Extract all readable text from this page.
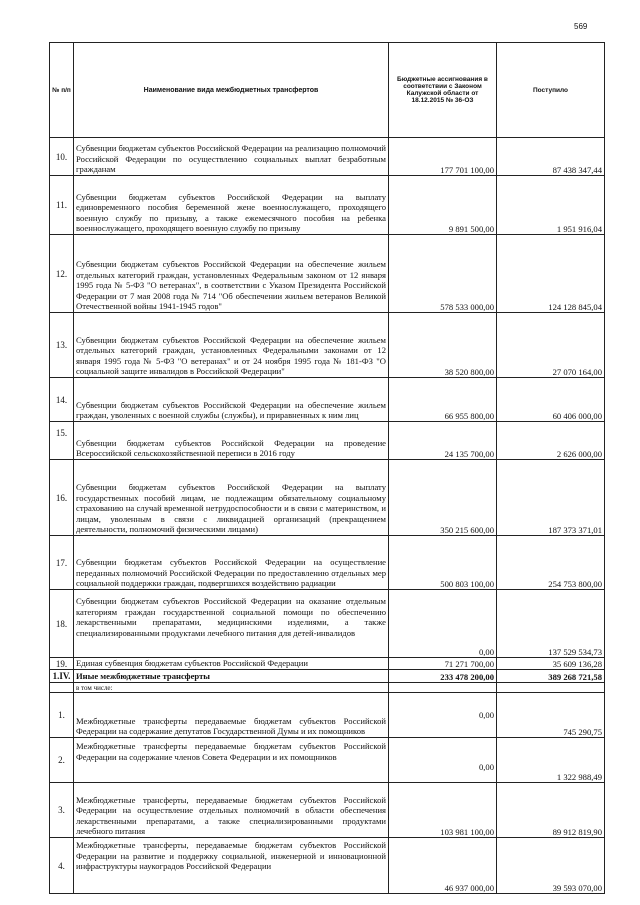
569
№ п/п	Наименование вида межбюджетных трансфертов	Бюджетные ассигнования в соответствии с Законом Калужской области от 18.12.2015 № 36-ОЗ	Поступило
10.	Субвенции бюджетам субъектов Российской Федерации на реализацию полномочий Российской Федерации по осуществлению социальных выплат безработным гражданам	177 701 100,00	87 438 347,44
11.	Субвенции бюджетам субъектов Российской Федерации на выплату единовременного пособия беременной жене военнослужащего, проходящего военную службу по призыву, а также ежемесячного пособия на ребенка военнослужащего, проходящего военную службу по призыву	9 891 500,00	1 951 916,04
12.	Субвенции бюджетам субъектов Российской Федерации на обеспечение жильем отдельных категорий граждан, установленных Федеральным законом от 12 января 1995 года № 5-ФЗ "О ветеранах", в соответствии с Указом Президента Российской Федерации от 7 мая 2008 года № 714 "Об обеспечении жильем ветеранов Великой Отечественной войны 1941-1945 годов"	578 533 000,00	124 128 845,04
13.	Субвенции бюджетам субъектов Российской Федерации на обеспечение жильем отдельных категорий граждан, установленных Федеральными законами от 12 января 1995 года № 5-ФЗ "О ветеранах" и от 24 ноября 1995 года № 181-ФЗ "О социальной защите инвалидов в Российской Федерации"	38 520 800,00	27 070 164,00
14.	Субвенции бюджетам субъектов Российской Федерации на обеспечение жильем граждан, уволенных с военной службы (службы), и приравненных к ним лиц	66 955 800,00	60 406 000,00
15.	Субвенции бюджетам субъектов Российской Федерации на проведение Всероссийской сельскохозяйственной переписи в 2016 году	24 135 700,00	2 626 000,00
16.	Субвенции бюджетам субъектов Российской Федерации на выплату государственных пособий лицам, не подлежащим обязательному социальному страхованию на случай временной нетрудоспособности и в связи с материнством, и лицам, уволенным в связи с ликвидацией организаций (прекращением деятельности, полномочий физическими лицами)	350 215 600,00	187 373 371,01
17.	Субвенции бюджетам субъектов Российской Федерации на осуществление переданных полномочий Российской Федерации по предоставлению отдельных мер социальной поддержки граждан, подвергшихся воздействию радиации	500 803 100,00	254 753 800,00
18.	Субвенции бюджетам субъектов Российской Федерации на оказание отдельным категориям граждан государственной социальной помощи по обеспечению лекарственными препаратами, медицинскими изделиями, а также специализированными продуктами лечебного питания для детей-инвалидов	0,00	137 529 534,73
19.	Единая субвенция бюджетам субъектов Российской Федерации	71 271 700,00	35 609 136,28
1.IV.	Иные межбюджетные трансферты	233 478 200,00	389 268 721,58
	в том числе:		
1.	Межбюджетные трансферты передаваемые бюджетам субъектов Российской Федерации на содержание депутатов Государственной Думы и их помощников	0,00	745 290,75
2.	Межбюджетные трансферты передаваемые бюджетам субъектов Российской Федерации на содержание членов Совета Федерации и их помощников	0,00	1 322 988,49
3.	Межбюджетные трансферты, передаваемые бюджетам субъектов Российской Федерации на осуществление отдельных полномочий в области обеспечения лекарственными препаратами, а также специализированными продуктами лечебного питания	103 981 100,00	89 912 819,90
4.	Межбюджетные трансферты, передаваемые бюджетам субъектов Российской Федерации на развитие и поддержку социальной, инженерной и инновационной инфраструктуры наукоградов Российской Федерации	46 937 000,00	39 593 070,00
